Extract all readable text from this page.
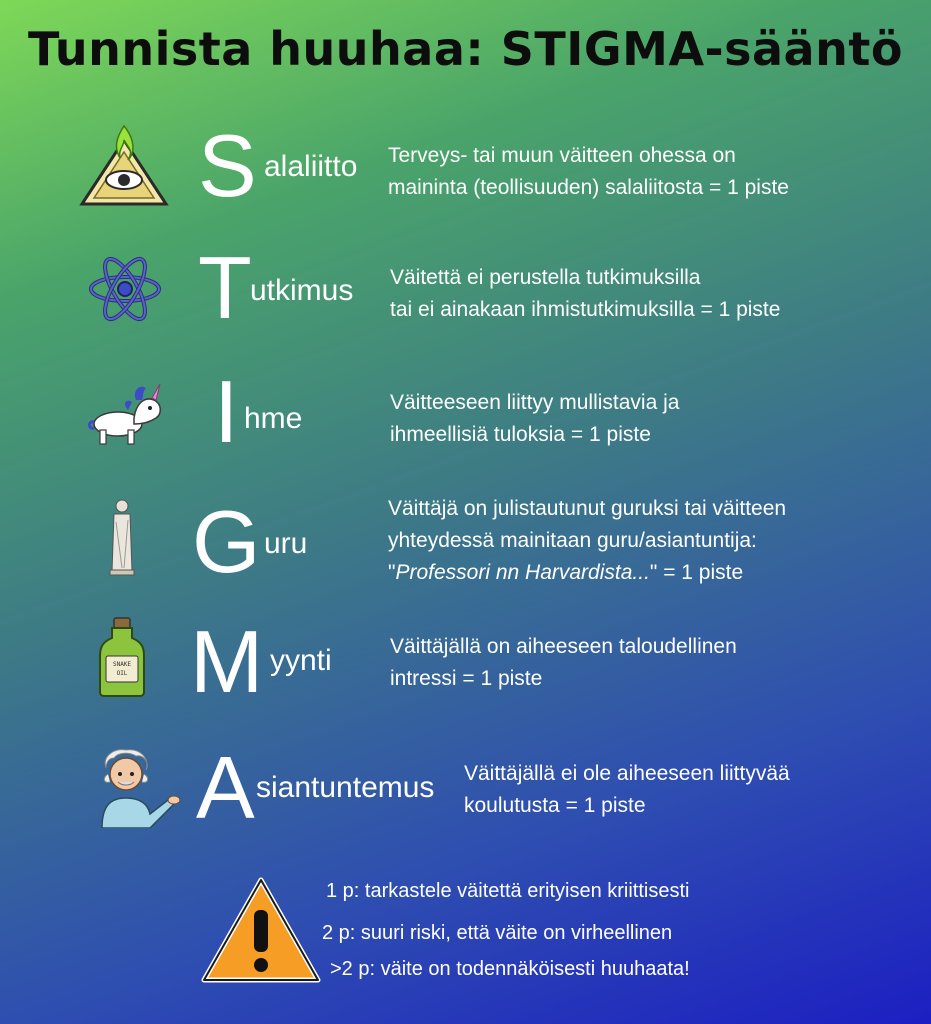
Tunnista huuhaa: STIGMA-sääntö
S alaliitto Terveys- tai muun väitteen ohessa on
maininta (teollisuuden) salaliitosta = 1 piste
T
utkimus Väitettä ei perustella tutkimuksilla
tai ei ainakaan ihmistutkimuksilla = 1 piste
I hme	Väitteeseen liittyy mullistavia ja
ihmeellisiä tuloksia = 1 piste
G uru
Väittäjä on julistautunut guruksi tai väitteen
yhteydessä mainitaan guru/asiantuntija:
"Professori nn Harvardista..." = 1 piste
SNAKE
OIL M yynti	Väittäjällä on aiheeseen taloudellinen
intressi = 1 piste
A siantuntemus Väittäjällä ei ole aiheeseen liittyvää
koulutusta = 1 piste
1 p: tarkastele väitettä erityisen kriittisesti
2 p: suuri riski, että väite on virheellinen
>2 p: väite on todennäköisesti huuhaata!
